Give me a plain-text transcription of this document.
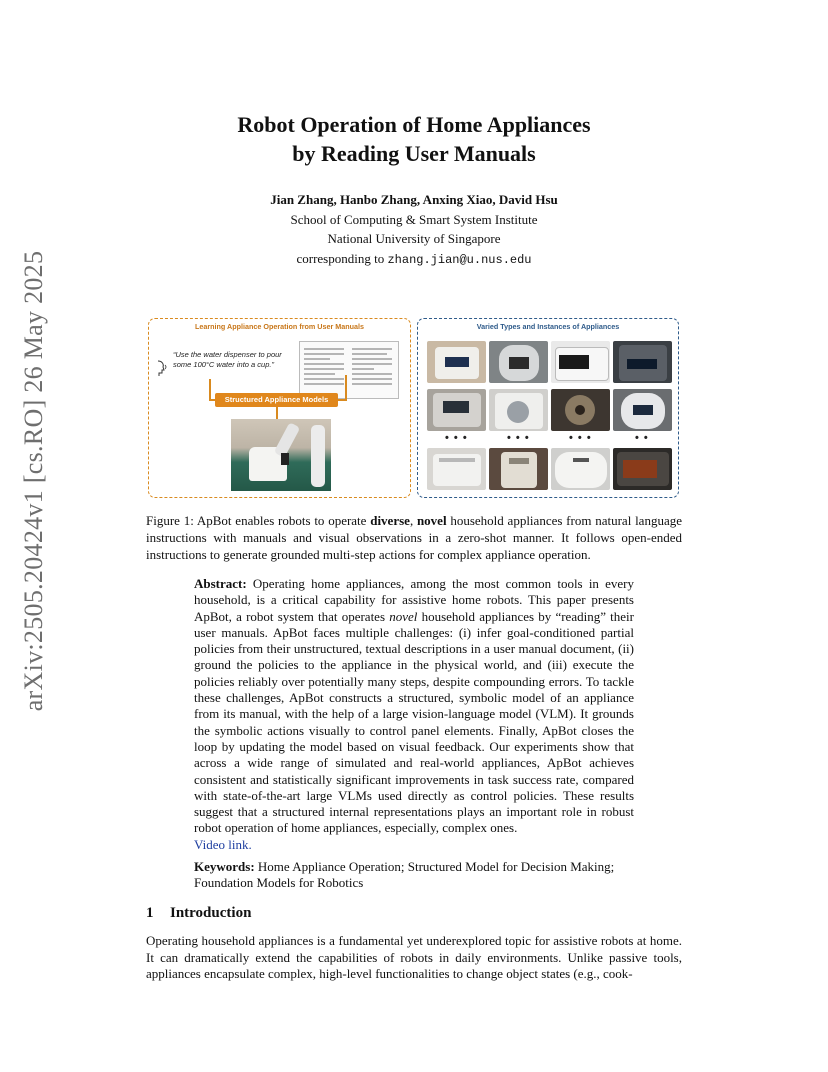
arXiv:2505.20424v1 [cs.RO] 26 May 2025
Robot Operation of Home Appliances
by Reading User Manuals
Jian Zhang, Hanbo Zhang, Anxing Xiao, David Hsu
School of Computing & Smart System Institute
National University of Singapore
corresponding to zhang.jian@u.nus.edu
Learning Appliance Operation from User Manuals
“Use the water dispenser to pour some 100°C water into a cup.”
Structured Appliance Models
Varied Types and Instances of Appliances
• • •	• • •	• • •	• •
Figure 1: ApBot enables robots to operate diverse, novel household appliances from natural language instructions with manuals and visual observations in a zero-shot manner. It follows open-ended instructions to generate grounded multi-step actions for complex appliance operation.
Abstract: Operating home appliances, among the most common tools in every household, is a critical capability for assistive home robots. This paper presents ApBot, a robot system that operates novel household appliances by “reading” their user manuals. ApBot faces multiple challenges: (i) infer goal-conditioned partial policies from their unstructured, textual descriptions in a user manual document, (ii) ground the policies to the appliance in the physical world, and (iii) execute the policies reliably over potentially many steps, despite compounding errors. To tackle these challenges, ApBot constructs a structured, symbolic model of an appliance from its manual, with the help of a large vision-language model (VLM). It grounds the symbolic actions visually to control panel elements. Finally, ApBot closes the loop by updating the model based on visual feedback. Our experiments show that across a wide range of simulated and real-world appliances, ApBot achieves consistent and statistically significant improvements in task success rate, compared with state-of-the-art large VLMs used directly as control policies. These results suggest that a structured internal representations plays an important role in robust robot operation of home appliances, especially, complex ones.
Video link.
Keywords: Home Appliance Operation; Structured Model for Decision Making; Foundation Models for Robotics
1 Introduction
Operating household appliances is a fundamental yet underexplored topic for assistive robots at home. It can dramatically extend the capabilities of robots in daily environments. Unlike passive tools, appliances encapsulate complex, high-level functionalities to change object states (e.g., cook-
